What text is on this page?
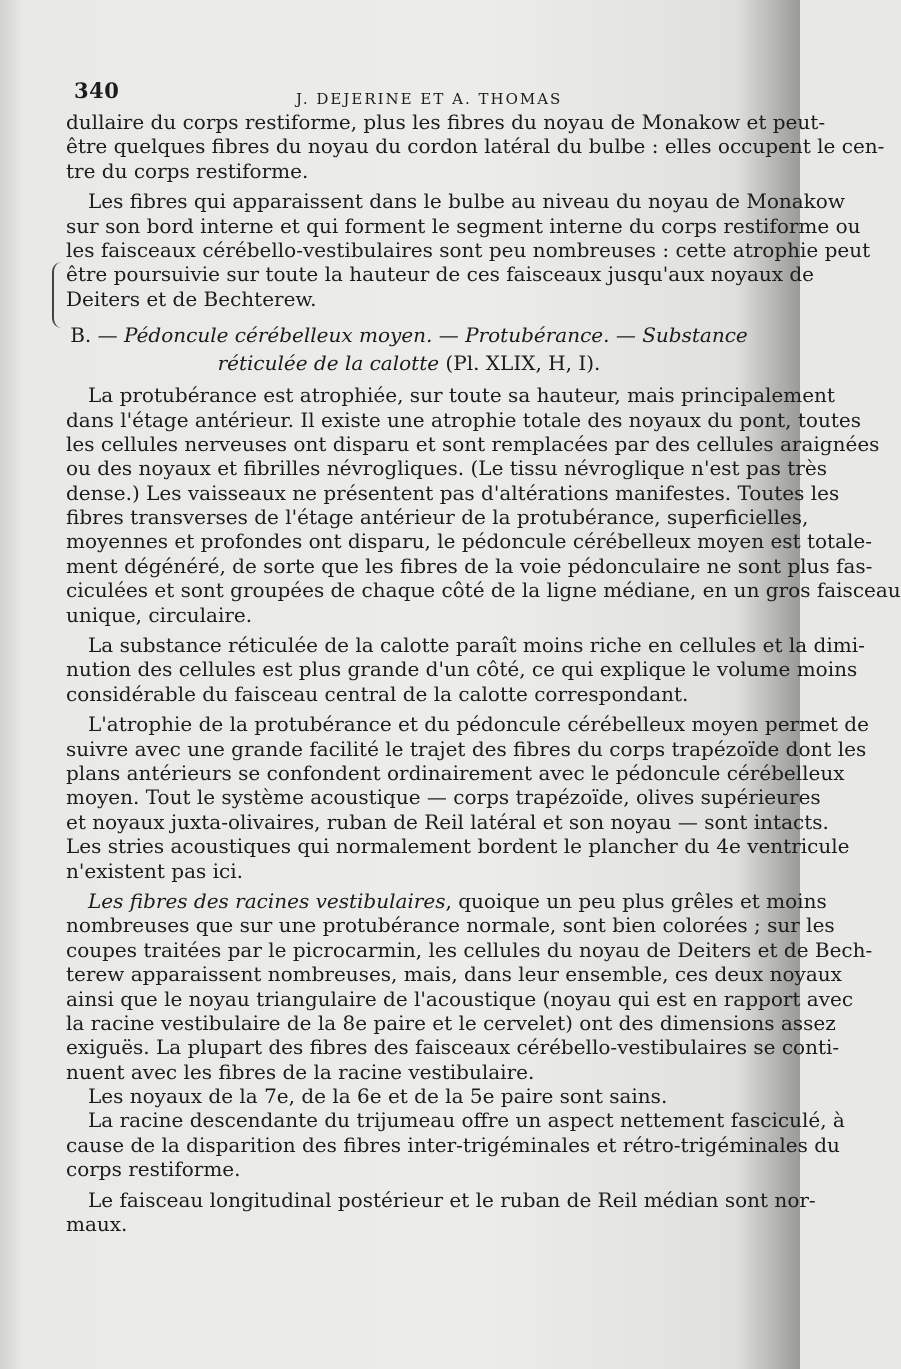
340	J. DEJERINE ET A. THOMAS
dullaire du corps restiforme, plus les fibres du noyau de Monakow et peut-
être quelques fibres du noyau du cordon latéral du bulbe : elles occupent le cen-
tre du corps restiforme.
Les fibres qui apparaissent dans le bulbe au niveau du noyau de Monakow
sur son bord interne et qui forment le segment interne du corps restiforme ou
les faisceaux cérébello-vestibulaires sont peu nombreuses : cette atrophie peut
être poursuivie sur toute la hauteur de ces faisceaux jusqu'aux noyaux de
Deiters et de Bechterew.
B. — Pédoncule cérébelleux moyen. — Protubérance. — Substance
réticulée de la calotte (Pl. XLIX, H, I).
La protubérance est atrophiée, sur toute sa hauteur, mais principalement
dans l'étage antérieur. Il existe une atrophie totale des noyaux du pont, toutes
les cellules nerveuses ont disparu et sont remplacées par des cellules araignées
ou des noyaux et fibrilles névrogliques. (Le tissu névroglique n'est pas très
dense.) Les vaisseaux ne présentent pas d'altérations manifestes. Toutes les
fibres transverses de l'étage antérieur de la protubérance, superficielles,
moyennes et profondes ont disparu, le pédoncule cérébelleux moyen est totale-
ment dégénéré, de sorte que les fibres de la voie pédonculaire ne sont plus fas-
ciculées et sont groupées de chaque côté de la ligne médiane, en un gros faisceau
unique, circulaire.
La substance réticulée de la calotte paraît moins riche en cellules et la dimi-
nution des cellules est plus grande d'un côté, ce qui explique le volume moins
considérable du faisceau central de la calotte correspondant.
L'atrophie de la protubérance et du pédoncule cérébelleux moyen permet de
suivre avec une grande facilité le trajet des fibres du corps trapézoïde dont les
plans antérieurs se confondent ordinairement avec le pédoncule cérébelleux
moyen. Tout le système acoustique — corps trapézoïde, olives supérieures
et noyaux juxta-olivaires, ruban de Reil latéral et son noyau — sont intacts.
Les stries acoustiques qui normalement bordent le plancher du 4e ventricule
n'existent pas ici.
Les fibres des racines vestibulaires, quoique un peu plus grêles et moins
nombreuses que sur une protubérance normale, sont bien colorées ; sur les
coupes traitées par le picrocarmin, les cellules du noyau de Deiters et de Bech-
terew apparaissent nombreuses, mais, dans leur ensemble, ces deux noyaux
ainsi que le noyau triangulaire de l'acoustique (noyau qui est en rapport avec
la racine vestibulaire de la 8e paire et le cervelet) ont des dimensions assez
exiguës. La plupart des fibres des faisceaux cérébello-vestibulaires se conti-
nuent avec les fibres de la racine vestibulaire.
Les noyaux de la 7e, de la 6e et de la 5e paire sont sains.
La racine descendante du trijumeau offre un aspect nettement fasciculé, à
cause de la disparition des fibres inter-trigéminales et rétro-trigéminales du
corps restiforme.
Le faisceau longitudinal postérieur et le ruban de Reil médian sont nor-
maux.
